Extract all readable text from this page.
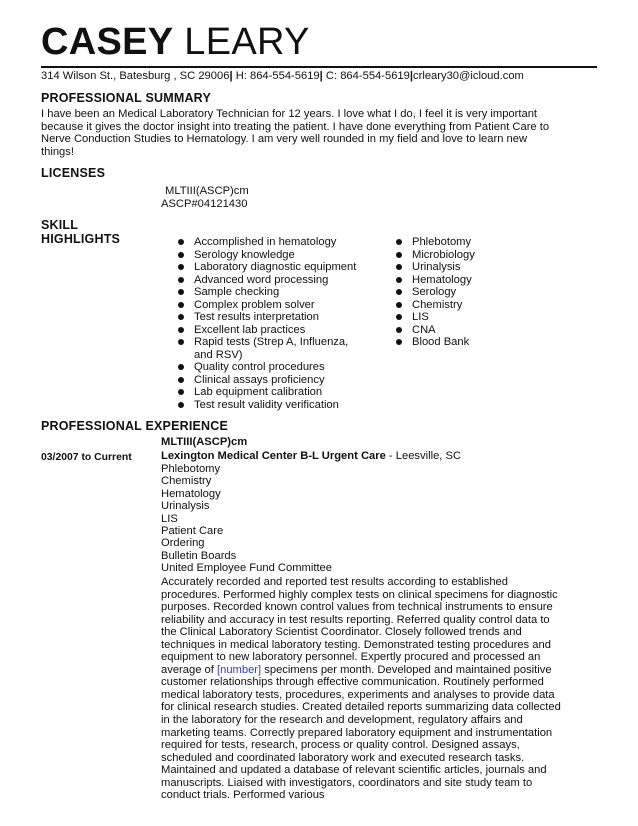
CASEY LEARY
314 Wilson St., Batesburg , SC 29006| H: 864-554-5619| C: 864-554-5619|crleary30@icloud.com
PROFESSIONAL SUMMARY
I have been an Medical Laboratory Technician for 12 years. I love what I do, I feel it is very important because it gives the doctor insight into treating the patient. I have done everything from Patient Care to Nerve Conduction Studies to Hematology. I am very well rounded in my field and love to learn new things!
LICENSES
MLTIII(ASCP)cm
ASCP#04121430
SKILL
HIGHLIGHTS	Accomplished in hematology
Serology knowledge
Laboratory diagnostic equipment
Advanced word processing
Sample checking
Complex problem solver
Test results interpretation
Excellent lab practices
Rapid tests (Strep A, Influenza, and RSV)
Quality control procedures
Clinical assays proficiency
Lab equipment calibration
Test result validity verification
Phlebotomy
Microbiology
Urinalysis
Hematology
Serology
Chemistry
LIS
CNA
Blood Bank
PROFESSIONAL EXPERIENCE
MLTIII(ASCP)cm
03/2007 to Current	Lexington Medical Center B-L Urgent Care - Leesville, SC
Phlebotomy
Chemistry
Hematology
Urinalysis
LIS
Patient Care
Ordering
Bulletin Boards
United Employee Fund Committee
Accurately recorded and reported test results according to established procedures. Performed highly complex tests on clinical specimens for diagnostic purposes. Recorded known control values from technical instruments to ensure reliability and accuracy in test results reporting. Referred quality control data to the Clinical Laboratory Scientist Coordinator. Closely followed trends and techniques in medical laboratory testing. Demonstrated testing procedures and equipment to new laboratory personnel. Expertly procured and processed an average of [number] specimens per month. Developed and maintained positive customer relationships through effective communication. Routinely performed medical laboratory tests, procedures, experiments and analyses to provide data for clinical research studies. Created detailed reports summarizing data collected in the laboratory for the research and development, regulatory affairs and marketing teams. Correctly prepared laboratory equipment and instrumentation required for tests, research, process or quality control. Designed assays, scheduled and coordinated laboratory work and executed research tasks. Maintained and updated a database of relevant scientific articles, journals and manuscripts. Liaised with investigators, coordinators and site study team to conduct trials. Performed various
